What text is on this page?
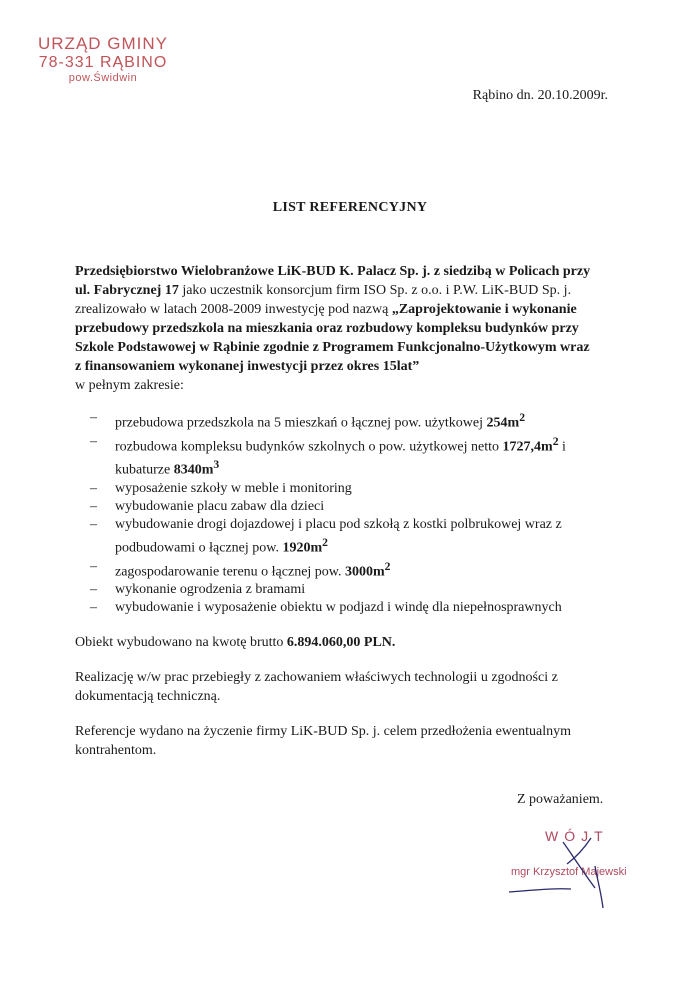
URZĄD GMINY
78-331 RĄBINO
pow.Świdwin
Rąbino dn. 20.10.2009r.
LIST REFERENCYJNY

Przedsiębiorstwo Wielobranżowe LiK-BUD K. Palacz Sp. j. z siedzibą w Policach przy ul. Fabrycznej 17 jako uczestnik konsorcjum firm ISO Sp. z o.o. i P.W. LiK-BUD Sp. j. zrealizowało w latach 2008-2009 inwestycję pod nazwą „Zaprojektowanie i wykonanie przebudowy przedszkola na mieszkania oraz rozbudowy kompleksu budynków przy Szkole Podstawowej w Rąbinie zgodnie z Programem Funkcjonalno-Użytkowym wraz z finansowaniem wykonanej inwestycji przez okres 15lat”
w pełnym zakresie:

– przebudowa przedszkola na 5 mieszkań o łącznej pow. użytkowej $254m^2$
– rozbudowa kompleksu budynków szkolnych o pow. użytkowej netto $1727,4m^2$ i kubaturze $8340m^3$
– wyposażenie szkoły w meble i monitoring
– wybudowanie placu zabaw dla dzieci
– wybudowanie drogi dojazdowej i placu pod szkołą z kostki polbrukowej wraz z podbudowami o łącznej pow. $1920m^2$
– zagospodarowanie terenu o łącznej pow. $3000m^2$
– wykonanie ogrodzenia z bramami
– wybudowanie i wyposażenie obiektu w podjazd i windę dla niepełnosprawnych

Obiekt wybudowano na kwotę brutto 6.894.060,00 PLN.

Realizację w/w prac przebiegły z zachowaniem właściwych technologii u zgodności z dokumentacją techniczną.

Referencje wydano na życzenie firmy LiK-BUD Sp. j. celem przedłożenia ewentualnym kontrahentom.

Z poważaniem.
WÓJT
mgr Krzysztof Majewski
